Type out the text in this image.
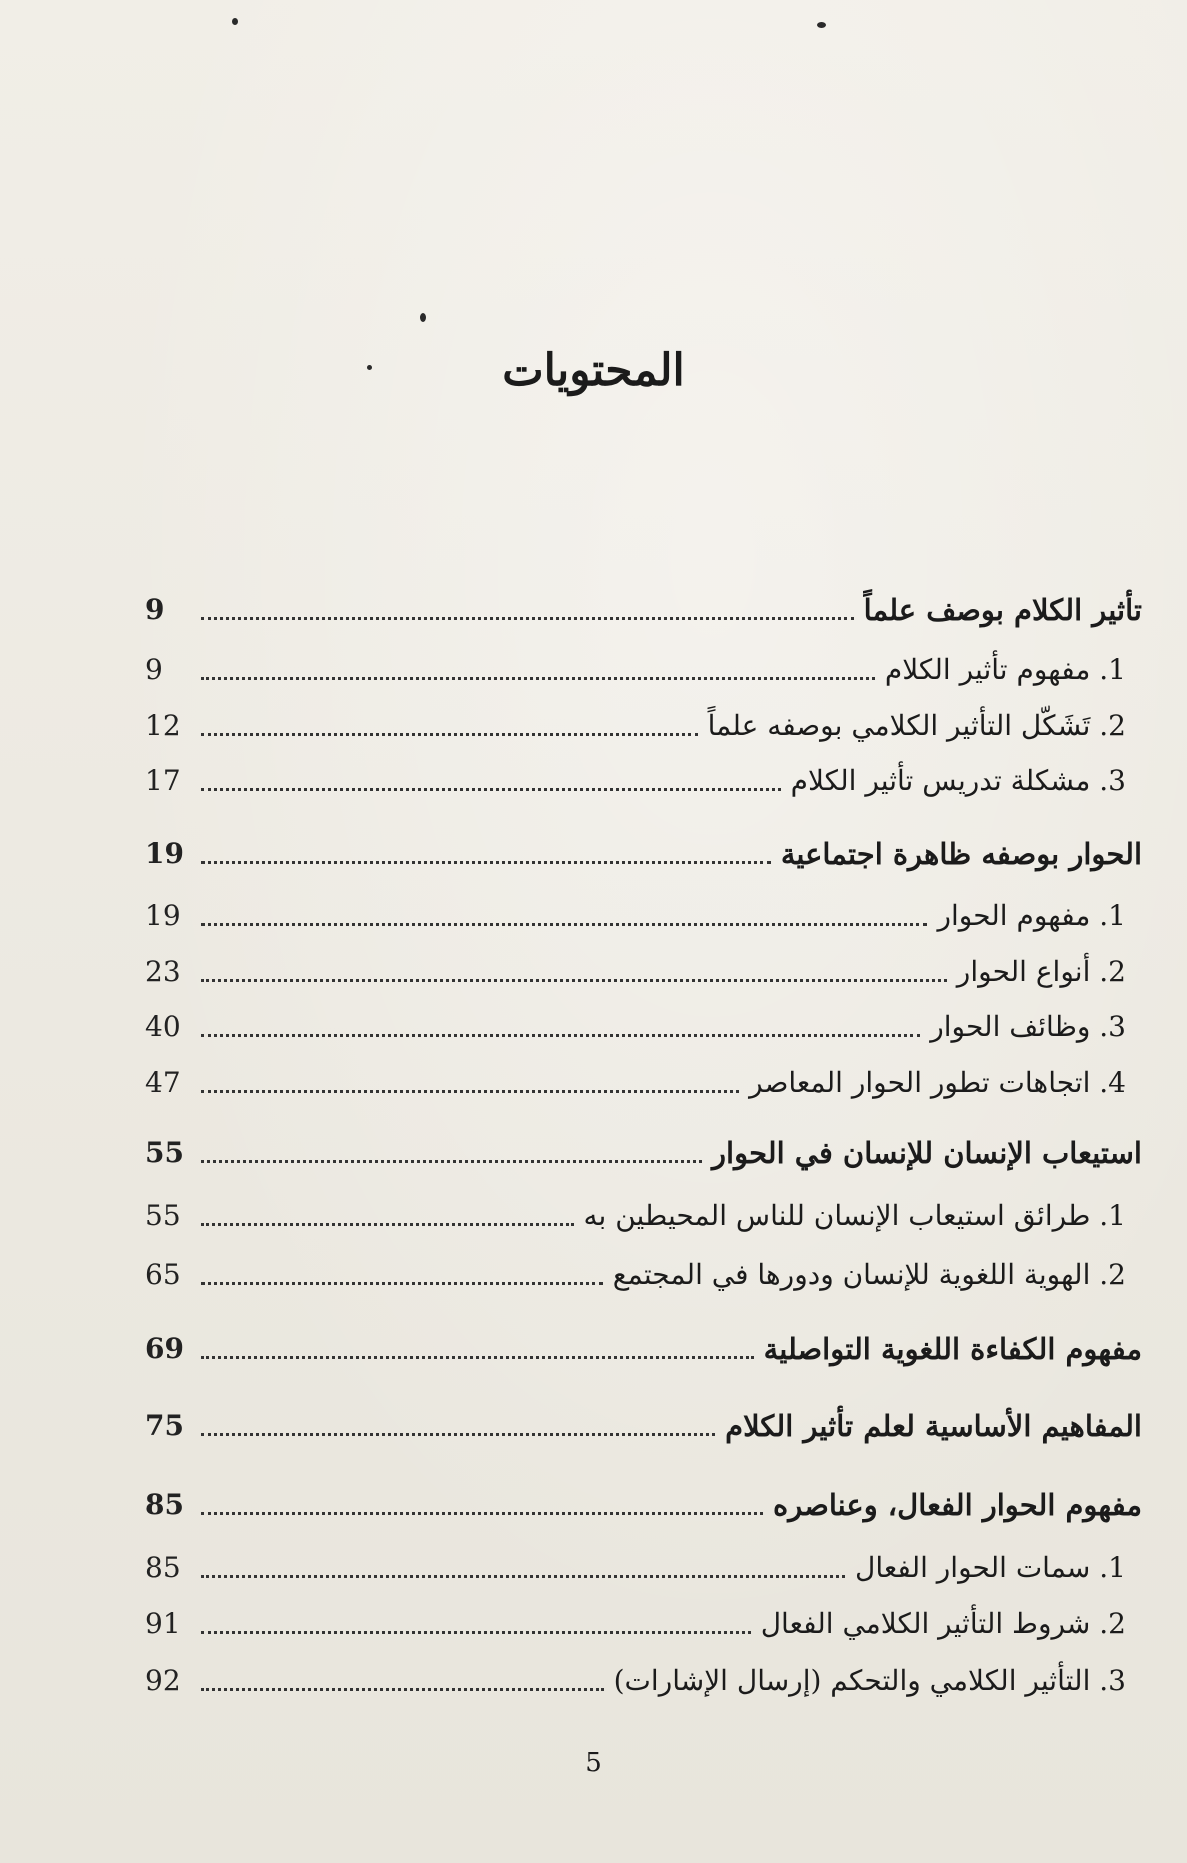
المحتويات
تأثير الكلام بوصف علماً
9
1. مفهوم تأثير الكلام
9
2. تَشَكّل التأثير الكلامي بوصفه علماً
12
3. مشكلة تدريس تأثير الكلام
17
الحوار بوصفه ظاهرة اجتماعية
19
1. مفهوم الحوار
19
2. أنواع الحوار
23
3. وظائف الحوار
40
4. اتجاهات تطور الحوار المعاصر
47
استيعاب الإنسان للإنسان في الحوار
55
1. طرائق استيعاب الإنسان للناس المحيطين به
55
2. الهوية اللغوية للإنسان ودورها في المجتمع
65
مفهوم الكفاءة اللغوية التواصلية
69
المفاهيم الأساسية لعلم تأثير الكلام
75
مفهوم الحوار الفعال، وعناصره
85
1. سمات الحوار الفعال
85
2. شروط التأثير الكلامي الفعال
91
3. التأثير الكلامي والتحكم (إرسال الإشارات)
92
5
